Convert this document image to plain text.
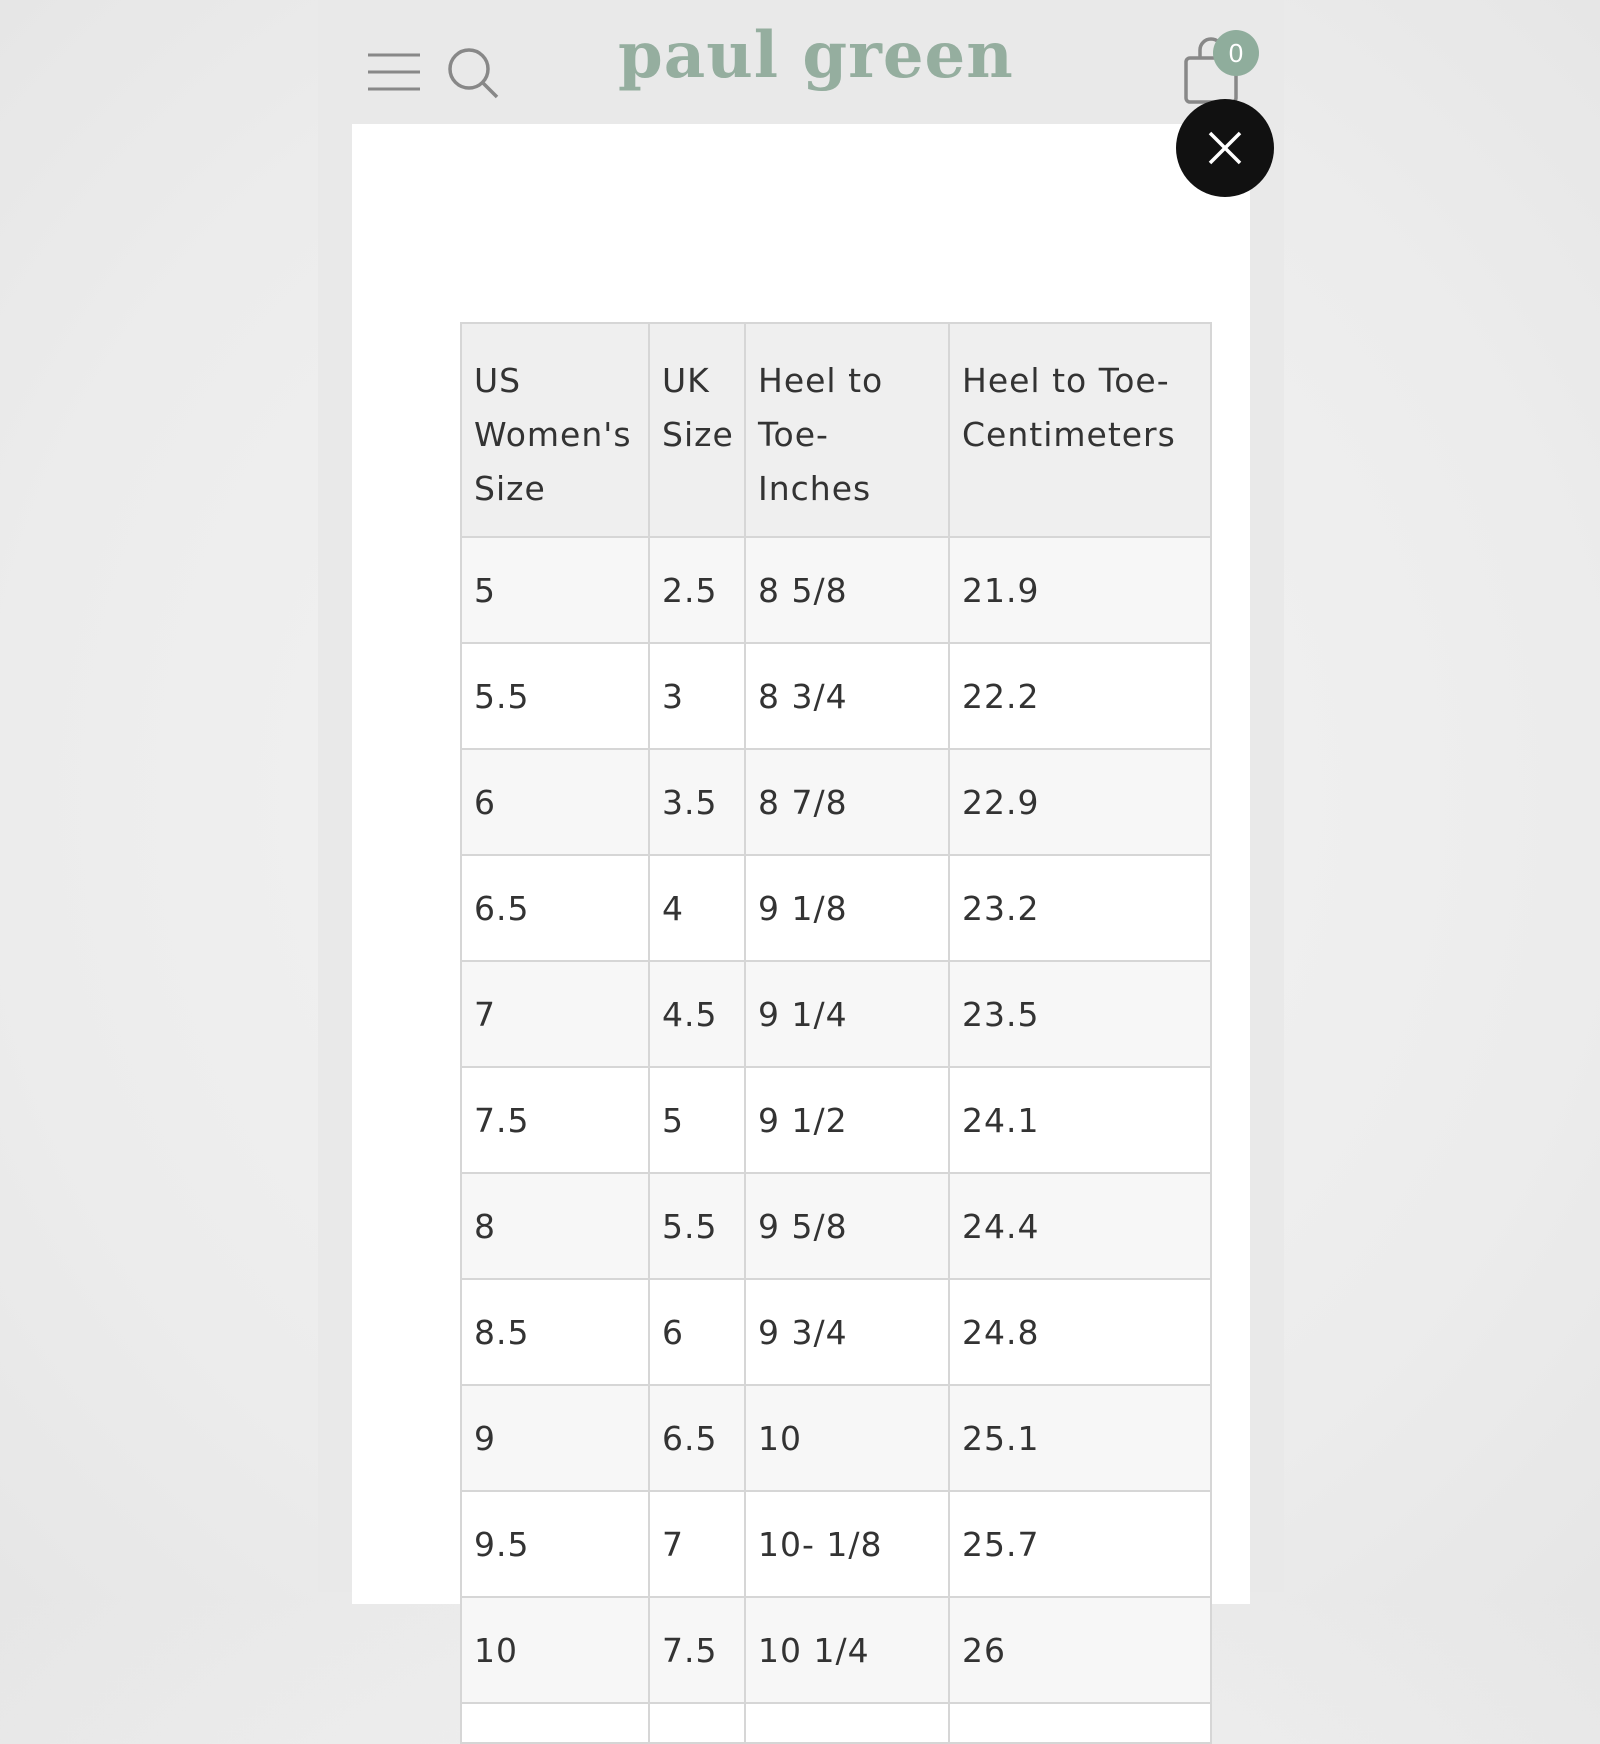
paul green	0
US Women's Size	UK Size	Heel to Toe- Inches	Heel to Toe- Centimeters
5	2.5	8 5/8	21.9
5.5	3	8 3/4	22.2
6	3.5	8 7/8	22.9
6.5	4	9 1/8	23.2
7	4.5	9 1/4	23.5
7.5	5	9 1/2	24.1
8	5.5	9 5/8	24.4
8.5	6	9 3/4	24.8
9	6.5	10	25.1
9.5	7	10- 1/8	25.7
10	7.5	10 1/4	26
